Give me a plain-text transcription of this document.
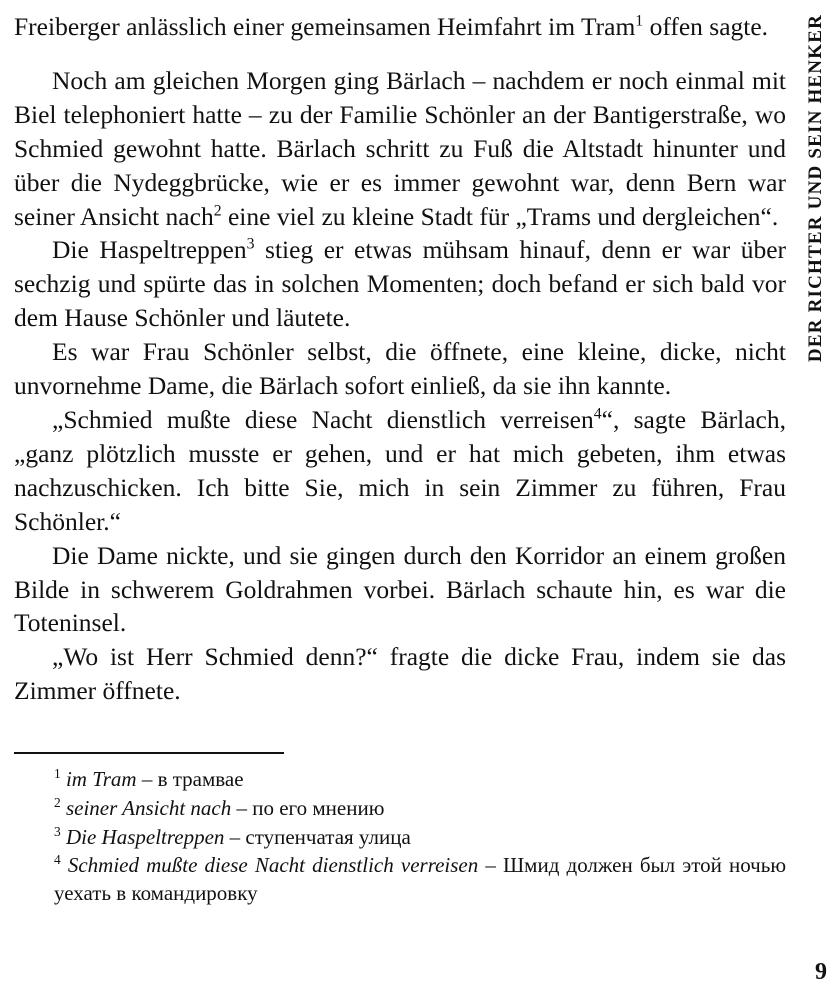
DER RICHTER UND SEIN HENKER

Freiberger anlässlich einer gemeinsamen Heimfahrt im Tram$^1$ offen sagte.

Noch am gleichen Morgen ging Bärlach – nachdem er noch einmal mit Biel telephoniert hatte – zu der Familie Schönler an der Bantigerstraße, wo Schmied gewohnt hatte. Bärlach schritt zu Fuß die Altstadt hinunter und über die Nydeggbrücke, wie er es immer gewohnt war, denn Bern war seiner Ansicht nach$^2$ eine viel zu kleine Stadt für „Trams und dergleichen“.

Die Haspeltreppen$^3$ stieg er etwas mühsam hinauf, denn er war über sechzig und spürte das in solchen Momenten; doch befand er sich bald vor dem Hause Schönler und läutete.

Es war Frau Schönler selbst, die öffnete, eine kleine, dicke, nicht unvornehme Dame, die Bärlach sofort einließ, da sie ihn kannte.

„Schmied mußte diese Nacht dienstlich verreisen$^4$“, sagte Bärlach, „ganz plötzlich musste er gehen, und er hat mich gebeten, ihm etwas nachzuschicken. Ich bitte Sie, mich in sein Zimmer zu führen, Frau Schönler.“

Die Dame nickte, und sie gingen durch den Korridor an einem großen Bilde in schwerem Goldrahmen vorbei. Bärlach schaute hin, es war die Toteninsel.

„Wo ist Herr Schmied denn?“ fragte die dicke Frau, indem sie das Zimmer öffnete.

$^1$ im Tram – в трамвае

$^2$ seiner Ansicht nach – по его мнению

$^3$ Die Haspeltreppen – ступенчатая улица

$^4$ Schmied mußte diese Nacht dienstlich verreisen – Шмид должен был этой ночью уехать в командировку

9
